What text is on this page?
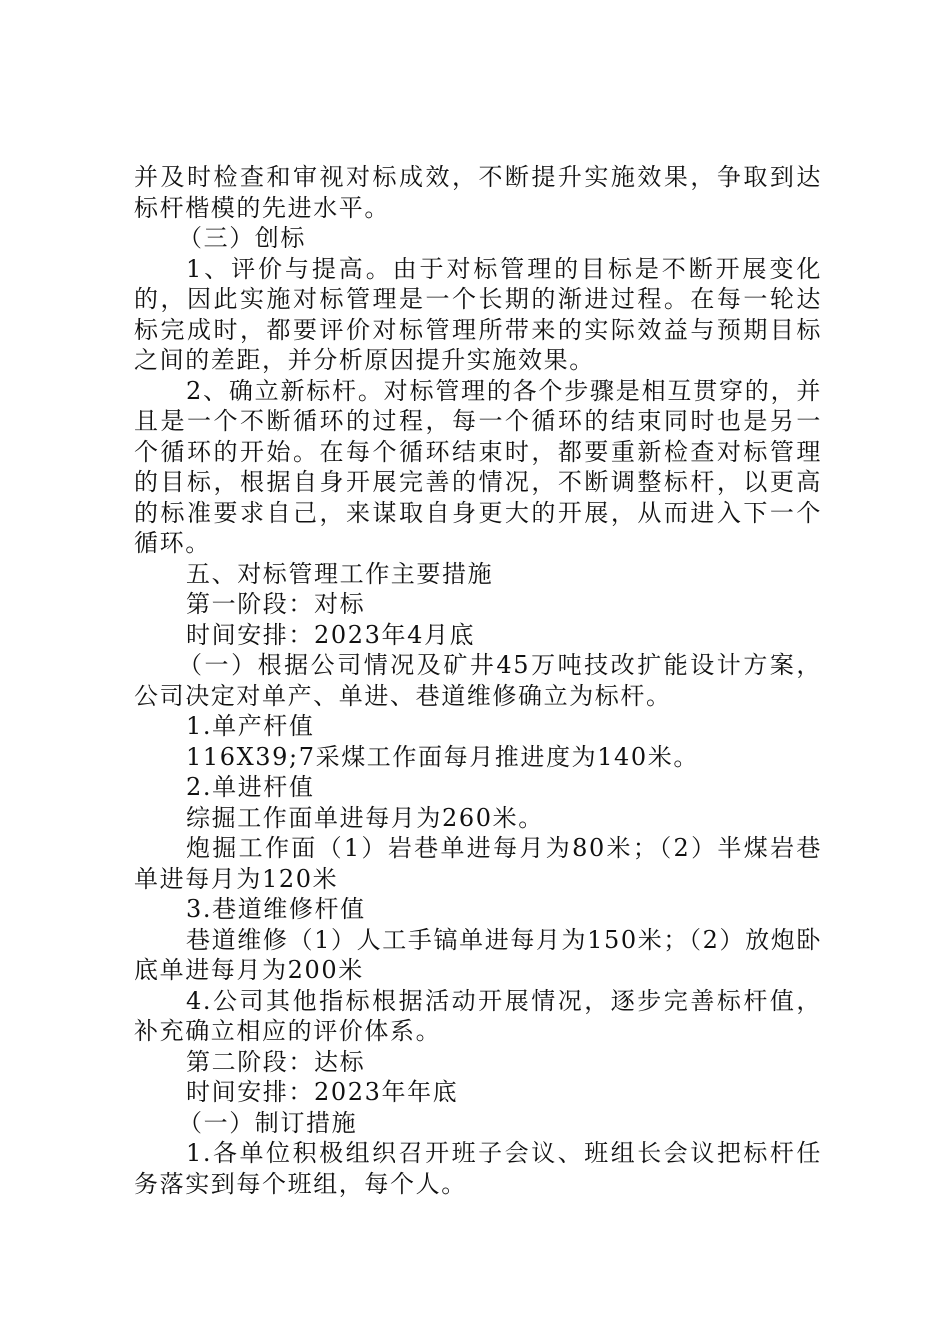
并及时检查和审视对标成效，不断提升实施效果，争取到达标杆楷模的先进水平。

（三）创标

1、评价与提高。由于对标管理的目标是不断开展变化的，因此实施对标管理是一个长期的渐进过程。在每一轮达标完成时，都要评价对标管理所带来的实际效益与预期目标之间的差距，并分析原因提升实施效果。

2、确立新标杆。对标管理的各个步骤是相互贯穿的，并且是一个不断循环的过程，每一个循环的结束同时也是另一个循环的开始。在每个循环结束时，都要重新检查对标管理的目标，根据自身开展完善的情况，不断调整标杆，以更高的标准要求自己，来谋取自身更大的开展，从而进入下一个循环。

五、对标管理工作主要措施

第一阶段：对标

时间安排：2023年4月底

（一）根据公司情况及矿井45万吨技改扩能设计方案，公司决定对单产、单进、巷道维修确立为标杆。

1.单产杆值

116X39;7采煤工作面每月推进度为140米。

2.单进杆值

综掘工作面单进每月为260米。

炮掘工作面（1）岩巷单进每月为80米；（2）半煤岩巷单进每月为120米

3.巷道维修杆值

巷道维修（1）人工手镐单进每月为150米；（2）放炮卧底单进每月为200米

4.公司其他指标根据活动开展情况，逐步完善标杆值，补充确立相应的评价体系。

第二阶段：达标

时间安排：2023年年底

（一）制订措施

1.各单位积极组织召开班子会议、班组长会议把标杆任务落实到每个班组，每个人。
